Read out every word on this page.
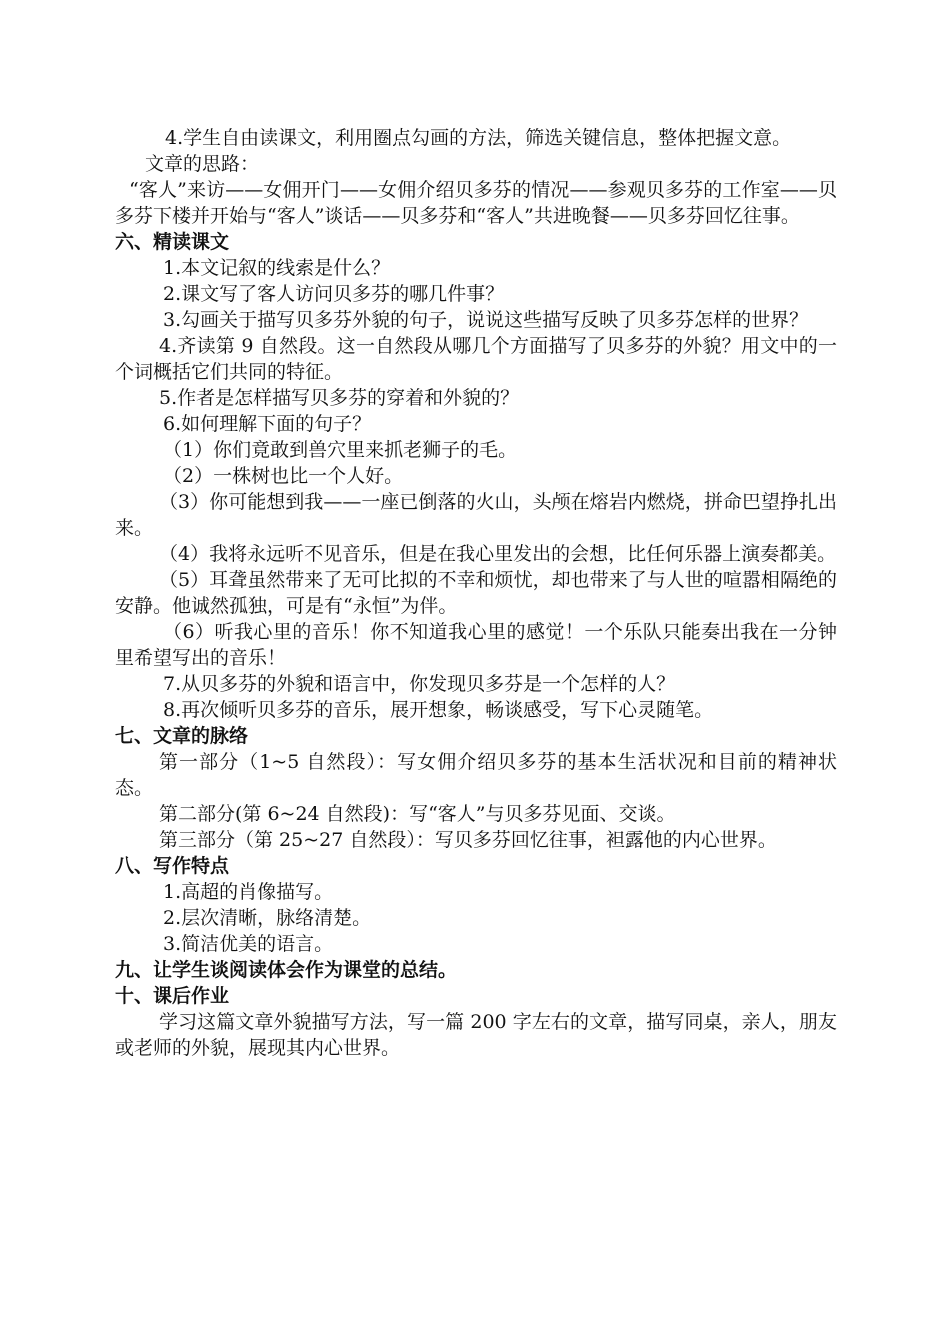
4.学生自由读课文，利用圈点勾画的方法，筛选关键信息，整体把握文意。

文章的思路：

“客人”来访——女佣开门——女佣介绍贝多芬的情况——参观贝多芬的工作室——贝多芬下楼并开始与“客人”谈话——贝多芬和“客人”共进晚餐——贝多芬回忆往事。

六、精读课文

1.本文记叙的线索是什么？

2.课文写了客人访问贝多芬的哪几件事？

3.勾画关于描写贝多芬外貌的句子，说说这些描写反映了贝多芬怎样的世界？

4.齐读第 9 自然段。这一自然段从哪几个方面描写了贝多芬的外貌？用文中的一个词概括它们共同的特征。

5.作者是怎样描写贝多芬的穿着和外貌的？

6.如何理解下面的句子？

（1）你们竟敢到兽穴里来抓老狮子的毛。

（2）一株树也比一个人好。

（3）你可能想到我——一座已倒落的火山，头颅在熔岩内燃烧，拼命巴望挣扎出来。

（4）我将永远听不见音乐，但是在我心里发出的会想，比任何乐器上演奏都美。

（5）耳聋虽然带来了无可比拟的不幸和烦忧，却也带来了与人世的喧嚣相隔绝的安静。他诚然孤独，可是有“永恒”为伴。

（6）听我心里的音乐！你不知道我心里的感觉！一个乐队只能奏出我在一分钟里希望写出的音乐！

7.从贝多芬的外貌和语言中，你发现贝多芬是一个怎样的人？

8.再次倾听贝多芬的音乐，展开想象，畅谈感受，写下心灵随笔。

七、文章的脉络

第一部分（1~5 自然段）：写女佣介绍贝多芬的基本生活状况和目前的精神状态。

第二部分(第 6~24 自然段)：写“客人”与贝多芬见面、交谈。

第三部分（第 25~27 自然段）：写贝多芬回忆往事，袒露他的内心世界。

八、写作特点

1.高超的肖像描写。

2.层次清晰，脉络清楚。

3.简洁优美的语言。

九、让学生谈阅读体会作为课堂的总结。
十、课后作业

学习这篇文章外貌描写方法，写一篇 200 字左右的文章，描写同桌，亲人，朋友或老师的外貌，展现其内心世界。
